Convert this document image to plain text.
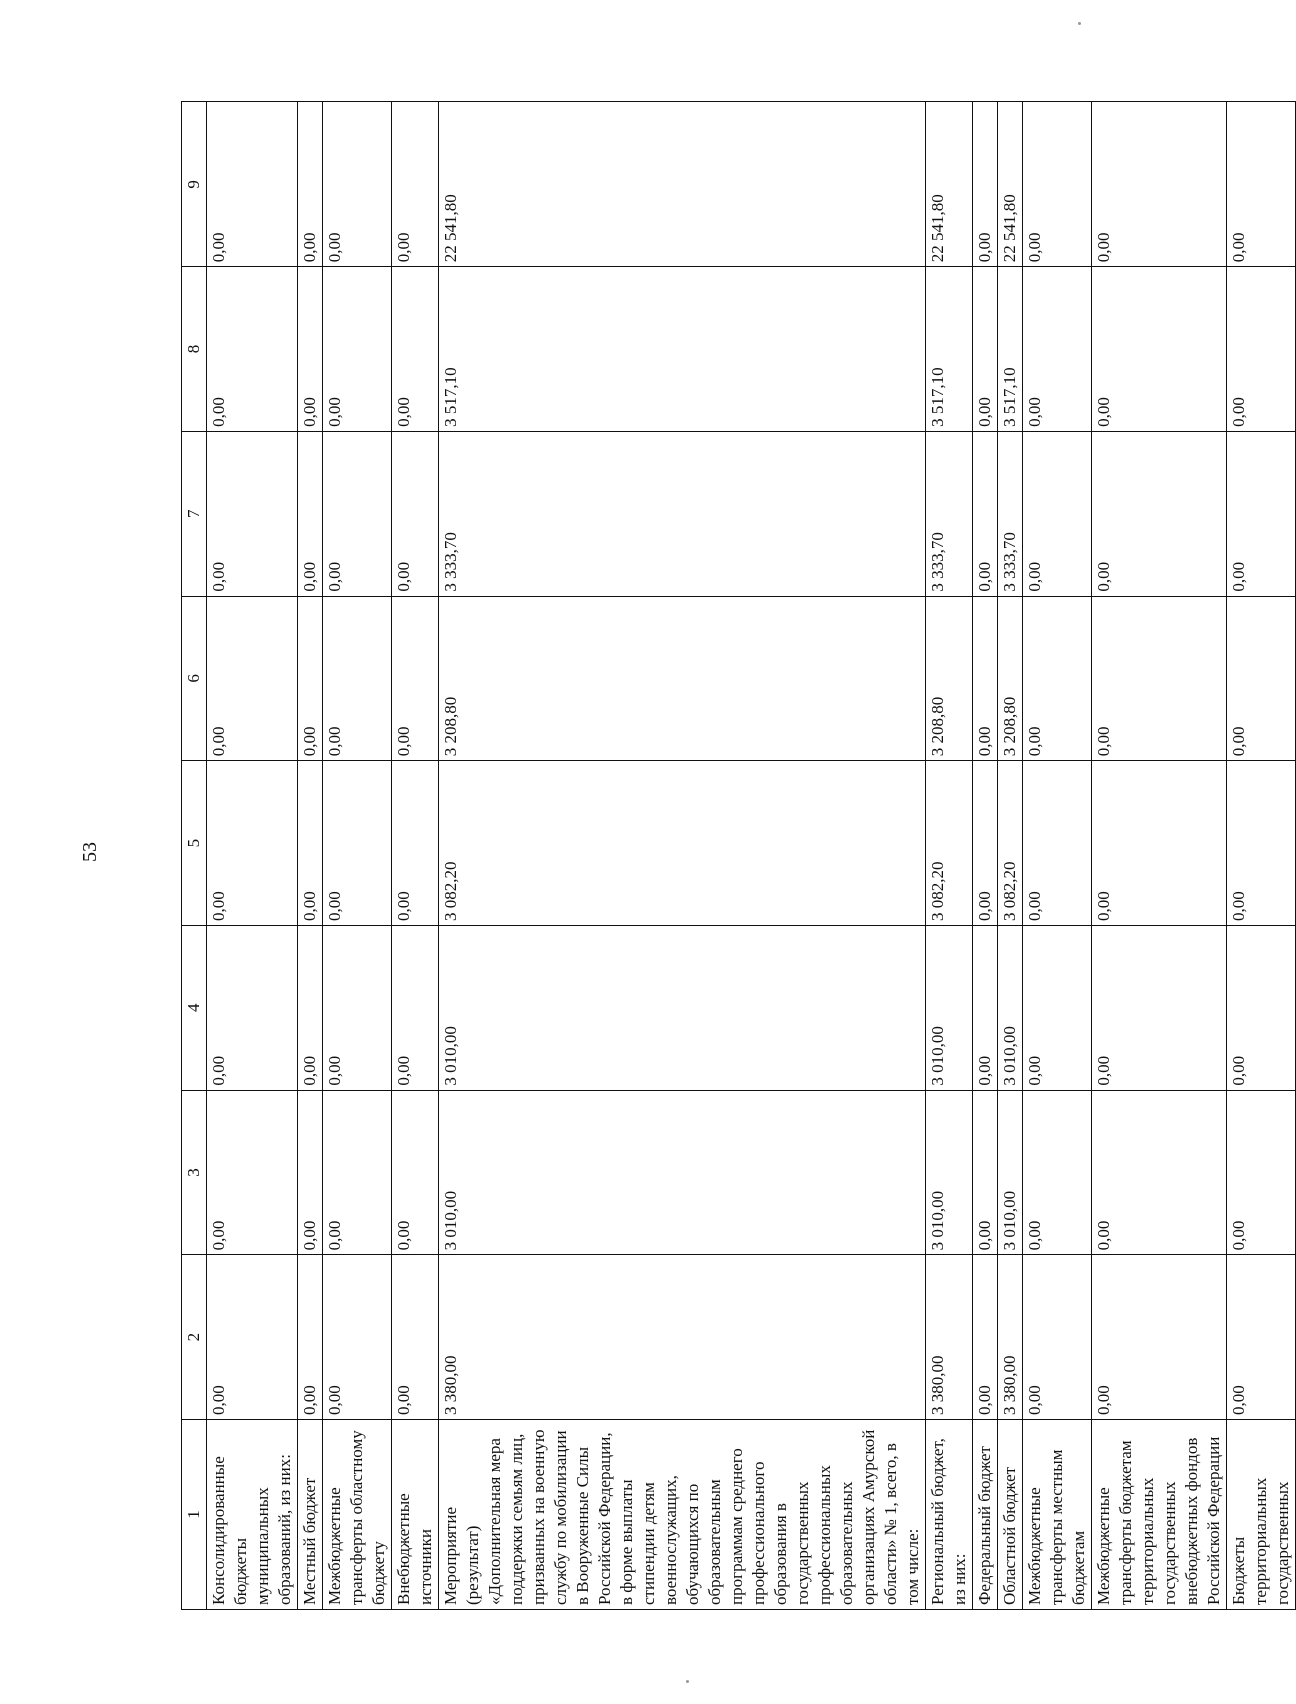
53
1	2	3	4	5	6	7	8	9
Консолидированные бюджеты муниципальных образований, из них:	0,00	0,00	0,00	0,00	0,00	0,00	0,00	0,00
Местный бюджет	0,00	0,00	0,00	0,00	0,00	0,00	0,00	0,00
Межбюджетные трансферты областному бюджету	0,00	0,00	0,00	0,00	0,00	0,00	0,00	0,00
Внебюджетные источники	0,00	0,00	0,00	0,00	0,00	0,00	0,00	0,00
Мероприятие (результат) «Дополнительная мера поддержки семьям лиц, призванных на военную службу по мобилизации в Вооруженные Силы Российской Федерации, в форме выплаты стипендии детям военнослужащих, обучающихся по образовательным программам среднего профессионального образования в государственных профессиональных образовательных организациях Амурской области» № 1, всего, в том числе:	3 380,00	3 010,00	3 010,00	3 082,20	3 208,80	3 333,70	3 517,10	22 541,80
Региональный бюджет, из них:	3 380,00	3 010,00	3 010,00	3 082,20	3 208,80	3 333,70	3 517,10	22 541,80
Федеральный бюджет	0,00	0,00	0,00	0,00	0,00	0,00	0,00	0,00
Областной бюджет	3 380,00	3 010,00	3 010,00	3 082,20	3 208,80	3 333,70	3 517,10	22 541,80
Межбюджетные трансферты местным бюджетам	0,00	0,00	0,00	0,00	0,00	0,00	0,00	0,00
Межбюджетные трансферты бюджетам территориальных государственных внебюджетных фондов Российской Федерации	0,00	0,00	0,00	0,00	0,00	0,00	0,00	0,00
Бюджеты территориальных государственных	0,00	0,00	0,00	0,00	0,00	0,00	0,00	0,00
